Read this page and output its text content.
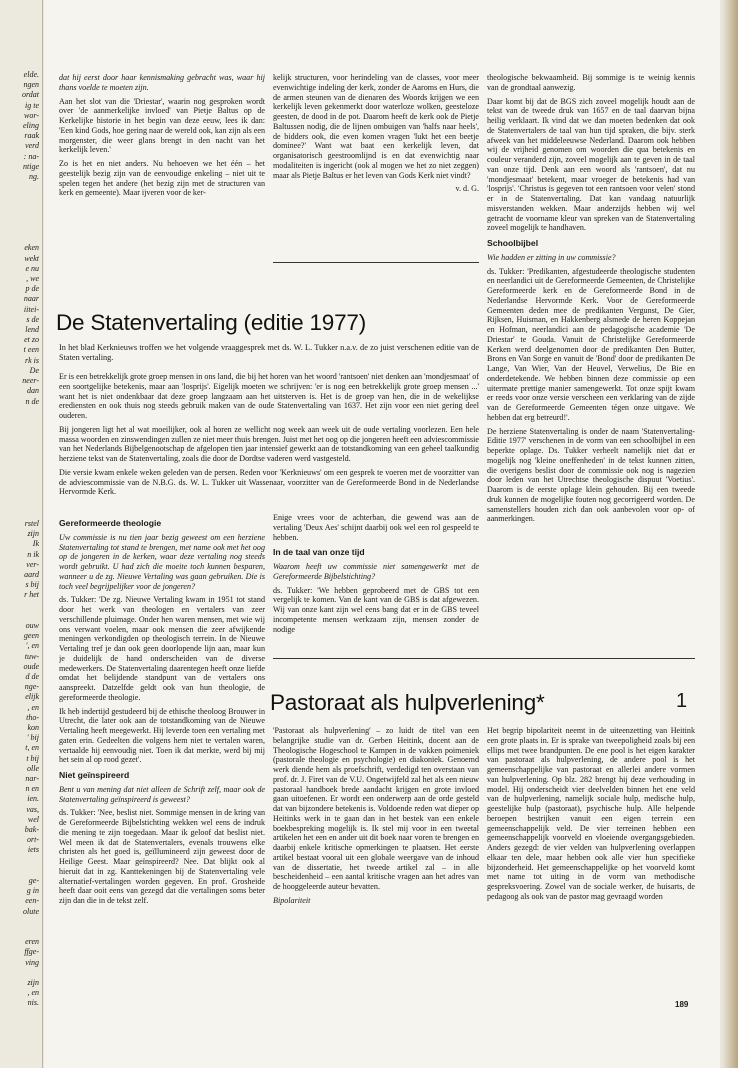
elde.
ngen
ordat
ig te
wor-
eling
raak
verd
: na-
ntige
ng.

eken
wekt
e nu
, we
p de
naar
iitei-
s de
lend
et zo
t een
rk is
De
neer-
dan
n de

rstel
zijn
Ik
n ik
ver-
aard
s bij
r het

ouw
geen
', en
tuw-
oude
d de
nge-
elijk
, en
tho-
kon
' bij
t, en
t bij
olle
nar-
n en
ien.
vas,
wel
bak-
ort-
iets

ge-
g in
een-
olute

eren
ffge-
ving

zijn
, en
nis.

dat hij eerst door haar kennismaking gebracht was, waar hij thans voelde te moeten zijn.

Aan het slot van die 'Driestar', waarin nog gesproken wordt over 'de aanmerkelijke invloed' van Pietje Baltus op de Kerkelijke historie in het begin van deze eeuw, lees ik dan: 'Een kind Gods, hoe gering naar de wereld ook, kan zijn als een morgenster, die weer glans brengt in den nacht van het kerkelijk leven.'

Zo is het en niet anders. Nu behoeven we het één – het geestelijk bezig zijn van de eenvoudige enkeling – niet uit te spelen tegen het andere (het bezig zijn met de structuren van kerk en gemeente). Maar ijveren voor de ker-

kelijk structuren, voor herindeling van de classes, voor meer evenwichtige indeling der kerk, zonder de Aaroms en Hurs, die de armen steunen van de dienaren des Woords krijgen we een kerkelijk leven gekenmerkt door waterloze wolken, geesteloze geesten, de dood in de pot. Daarom heeft de kerk ook de Pietje Baltussen nodig, die de lijnen ombuigen van 'halfs naar heels', de bidders ook, die even komen vragen 'lukt het een beetje dominee?' Want wat baat een kerkelijk leven, dat organisatorisch geestroomlijnd is en dat evenwichtig naar modaliteiten is ingericht (ook al mogen we het zo niet zeggen) maar als Pietje Baltus er het leven van Gods Kerk niet vindt?

v. d. G.

theologische bekwaamheid. Bij sommige is te weinig kennis van de grondtaal aanwezig.

Daar komt bij dat de BGS zich zoveel mogelijk houdt aan de tekst van de tweede druk van 1657 en de taal daarvan bijna heilig verklaart. Ik vind dat we dan moeten bedenken dat ook de Statenvertalers de taal van hun tijd spraken, die bijv. sterk afweek van het middeleeuwse Nederland. Daarom ook hebben wij de vrijheid genomen om woorden die qua betekenis en couleur veranderd zijn, zoveel mogelijk aan te geven in de taal van onze tijd. Denk aan een woord als 'rantsoen', dat nu 'mondjesmaat' betekent, maar vroeger de betekenis had van 'losprijs'. 'Christus is gegeven tot een rantsoen voor velen' stond er in de Statenvertaling. Dat kan vandaag natuurlijk misverstanden wekken. Maar anderzijds hebben wij wel getracht de voorname kleur van spreken van de Statenvertaling zoveel mogelijk te handhaven.

Schoolbijbel

Wie hadden er zitting in uw commissie?

ds. Tukker: 'Predikanten, afgestudeerde theologische studenten en neerlandici uit de Gereformeerde Gemeenten, de Christelijke Gereformeerde kerk en de Gereformeerde Bond in de Nederlandse Hervormde Kerk. Voor de Gereformeerde Gemeenten deden mee de predikanten Vergunst, De Gier, Rijksen, Huisman, en Hakkenberg alsmede de heren Koppejan en Hofman, neerlandici aan de pedagogische academie 'De Driestar' te Gouda. Vanuit de Christelijke Gereformeerde Kerken werd deelgenomen door de predikanten Den Butter, Brons en Van Sorge en vanuit de 'Bond' door de predikanten De Lange, Van Wier, Van der Heuvel, Verwelius, De Bie en onderdetekende. We hebben binnen deze commissie op een uitermate prettige manier samengewerkt. Tot onze spijt kwam er reeds voor onze versie verscheen een verklaring van de zijde van de Gereformeerde Gemeenten tégen onze uitgave. We hebben dat erg betreurd!'.

De herziene Statenvertaling is onder de naam 'Statenvertaling-Editie 1977' verschenen in de vorm van een schoolbijbel in een beperkte oplage. Ds. Tukker verheelt namelijk niet dat er mogelijk nog 'kleine oneffenheden' in de tekst kunnen zitten, die overigens beslist door de commissie ook nog is nagezien door leden van het Utrechtse theologische dispuut 'Voetius'. Daarom is de eerste oplage klein gehouden. Bij een tweede druk kunnen de mogelijke fouten nog gecorrigeerd worden. De samenstellers houden zich dan ook aanbevolen voor op- of aanmerkingen.

De Statenvertaling (editie 1977)
In het blad Kerknieuws troffen we het volgende vraaggesprek met ds. W. L. Tukker n.a.v. de zo juist verschenen editie van de Staten vertaling.

Er is een betrekkelijk grote groep mensen in ons land, die bij het horen van het woord 'rantsoen' niet denken aan 'mondjesmaat' of een soortgelijke betekenis, maar aan 'losprijs'. Eigelijk moeten we schrijven: 'er is nog een betrekkelijk grote groep mensen ...' want het is niet ondenkbaar dat deze groep langzaam aan het uitsterven is. Het is de groep van hen, die in de wekelijkse erediensten en ook thuis nog steeds gebruik maken van de oude Statenvertaling van 1637. Het zijn voor een niet gering deel ouderen.

Bij jongeren ligt het al wat moeilijker, ook al horen ze wellicht nog week aan week uit de oude vertaling voorlezen. Een hele massa woorden en zinswendingen zullen ze niet meer thuis brengen. Juist met het oog op die jongeren heeft een adviescommissie van het Nederlands Bijbelgenootschap de afgelopen tien jaar intensief gewerkt aan de totstandkoming van een geheel taalkundig herziene tekst van de Statenvertaling, zoals die door de Dordtse vaderen werd vastgesteld.

Die versie kwam enkele weken geleden van de persen. Reden voor 'Kerknieuws' om een gesprek te voeren met de voorzitter van de adviescommissie van de N.B.G. ds. W. L. Tukker uit Wassenaar, voorzitter van de Gereformeerde Bond in de Nederlandse Hervormde Kerk.

Gereformeerde theologie

Uw commissie is nu tien jaar bezig geweest om een herziene Statenvertaling tot stand te brengen, met name ook met het oog op de jongeren in de kerken, waar deze vertaling nog steeds wordt gebruikt. U had zich die moeite toch kunnen besparen, wanneer u de zg. Nieuwe Vertaling was gaan gebruiken. Die is toch veel begrijpelijker voor de jongeren?

ds. Tukker: 'De zg. Nieuwe Vertaling kwam in 1951 tot stand door het werk van theologen en vertalers van zeer verschillende pluimage. Onder hen waren mensen, met wie wij ons verwant voelen, maar ook mensen die zeer afwijkende meningen verkondigden op theologisch terrein. In de Nieuwe Vertaling tref je dan ook geen doorlopende lijn aan, maar kun je duidelijk de hand onderscheiden van de diverse medewerkers. De Statenvertaling daarentegen heeft onze liefde omdat het belijdende standpunt van de vertalers ons aanspreekt. Datzelfde geldt ook van hun theologie, de gereformeerde theologie.

Ik heb indertijd gestudeerd bij de ethische theoloog Brouwer in Utrecht, die later ook aan de totstandkoming van de Nieuwe Vertaling heeft meegewerkt. Hij leverde toen een vertaling met gaten erin. Gedeelten die volgens hem niet te vertalen waren, vertaalde hij eenvoudig niet. Toen ik dat merkte, werd bij mij het sein al op rood gezet'.

Niet geïnspireerd

Bent u van mening dat niet alleen de Schrift zelf, maar ook de Statenvertaling geïnspireerd is geweest?

ds. Tukker: 'Nee, beslist niet. Sommige mensen in de kring van de Gereformeerde Bijbelstichting wekken wel eens de indruk die mening te zijn toegedaan. Maar ik geloof dat beslist niet. Wel meen ik dat de Statenvertalers, evenals trouwens elke christen als het goed is, geïllumineerd zijn geweest door de Heilige Geest. Maar geïnspireerd? Nee. Dat blijkt ook al hieruit dat in zg. Kanttekeningen bij de Statenvertaling vele alternatief-vertalingen worden gegeven. En prof. Grosheide heeft daar ooit eens van gezegd dat die vertalingen soms beter zijn dan die in de tekst zelf.

Enige vrees voor de achterban, die gewend was aan de vertaling 'Deux Aes' schijnt daarbij ook wel een rol gespeeld te hebben.

In de taal van onze tijd

Waarom heeft uw commissie niet samengewerkt met de Gereformeerde Bijbelstichting?

ds. Tukker: 'We hebben geprobeerd met de GBS tot een vergelijk te komen. Van de kant van de GBS is dat afgewezen. Wij van onze kant zijn wel eens bang dat er in de GBS teveel incompetente mensen werkzaam zijn, mensen zonder de nodige

Pastoraat als hulpverlening*	1

'Pastoraat als hulpverlening' – zo luidt de titel van een belangrijke studie van dr. Gerben Heitink, docent aan de Theologische Hogeschool te Kampen in de vakken poimeniek (pastorale theologie en psychologie) en diakoniek. Genoemd werk diende hem als proefschrift, verdedigd ten overstaan van prof. dr. J. Firet van de V.U. Ongetwijfeld zal het als een nieuw pastoraal handboek brede aandacht krijgen en grote invloed gaan uitoefenen. Er wordt een onderwerp aan de orde gesteld dat van bijzondere betekenis is. Voldoende reden wat dieper op Heitinks werk in te gaan dan in het bestek van een enkele boekbespreking mogelijk is. Ik stel mij voor in een tweetal artikelen het een en ander uit dit boek naar voren te brengen en daarbij enkele kritische opmerkingen te plaatsen. Het eerste artikel bestaat vooral uit een globale weergave van de inhoud van de dissertatie, het tweede artikel zal – in alle bescheidenheid – een aantal kritische vragen aan het adres van de hooggeleerde auteur bevatten.

Bipolariteit

Het begrip bipolariteit neemt in de uiteenzetting van Heitink een grote plaats in. Er is sprake van tweepoligheid zoals bij een ellips met twee brandpunten. De ene pool is het eigen karakter van pastoraat als hulpverlening, de andere pool is het gemeenschappelijke van pastoraat en allerlei andere vormen van hulpverlening. Op blz. 282 brengt hij deze verhouding in model. Hij onderscheidt vier deelvelden binnen het ene veld van de hulpverlening, namelijk sociale hulp, medische hulp, geestelijke hulp (pastoraat), psychische hulp. Alle helpende beroepen bestrijken vanuit een eigen terrein een gemeenschappelijk veld. De vier terreinen hebben een gemeenschappelijk voorveld en vloeiende overgangsgebieden. Anders gezegd: de vier velden van hulpverlening overlappen elkaar ten dele, maar hebben ook alle vier hun specifieke bijzonderheid. Het gemeenschappelijke op het voorveld komt met name tot uiting in de vorm van methodische gespreksvoering. Zowel van de sociale werker, de huisarts, de pedagoog als ook van de pastor mag gevraagd worden

189
